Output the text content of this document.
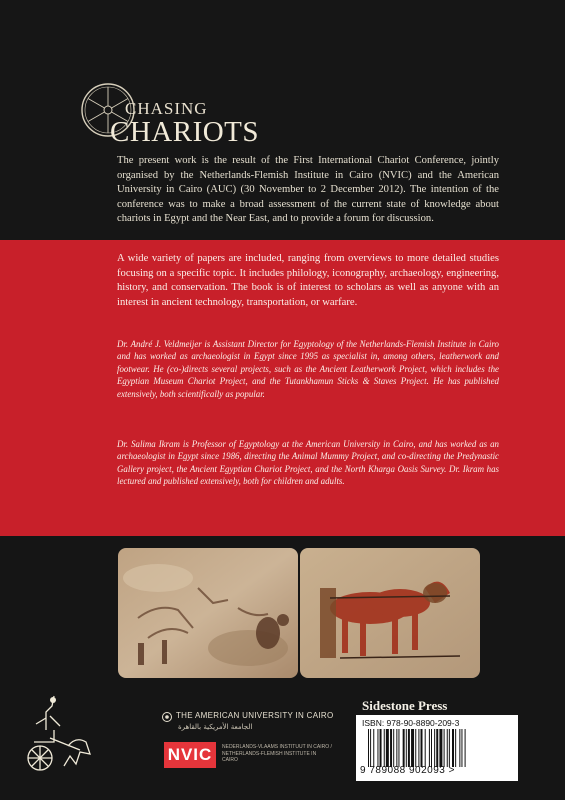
CHASING
CHARIOTS

The present work is the result of the First International Chariot Conference, jointly organised by the Netherlands-Flemish Institute in Cairo (NVIC) and the American University in Cairo (AUC) (30 November to 2 December 2012). The intention of the conference was to make a broad assessment of the current state of knowledge about chariots in Egypt and the Near East, and to provide a forum for discussion.

A wide variety of papers are included, ranging from overviews to more detailed studies focusing on a specific topic. It includes philology, iconography, archaeology, engineering, history, and conservation. The book is of interest to scholars as well as anyone with an interest in ancient technology, transportation, or warfare.

Dr. André J. Veldmeijer is Assistant Director for Egyptology of the Netherlands-Flemish Institute in Cairo and has worked as archaeologist in Egypt since 1995 as specialist in, among others, leatherwork and footwear. He (co-)directs several projects, such as the Ancient Leatherwork Project, which includes the Egyptian Museum Chariot Project, and the Tutankhamun Sticks & Staves Project. He has published extensively, both scientifically as popular.

Dr. Salima Ikram is Professor of Egyptology at the American University in Cairo, and has worked as an archaeologist in Egypt since 1986, directing the Animal Mummy Project, and co-directing the Predynastic Gallery project, the Ancient Egyptian Chariot Project, and the North Kharga Oasis Survey. Dr. Ikram has lectured and published extensively, both for children and adults.

THE AMERICAN UNIVERSITY IN CAIRO
الجامعة الأمريكية بالقاهرة
NVIC	NEDERLANDS-VLAAMS INSTITUUT IN CAIRO / NETHERLANDS-FLEMISH INSTITUTE IN CAIRO
Sidestone Press
ISBN: 978-90-8890-209-3
9 789088 902093 >
